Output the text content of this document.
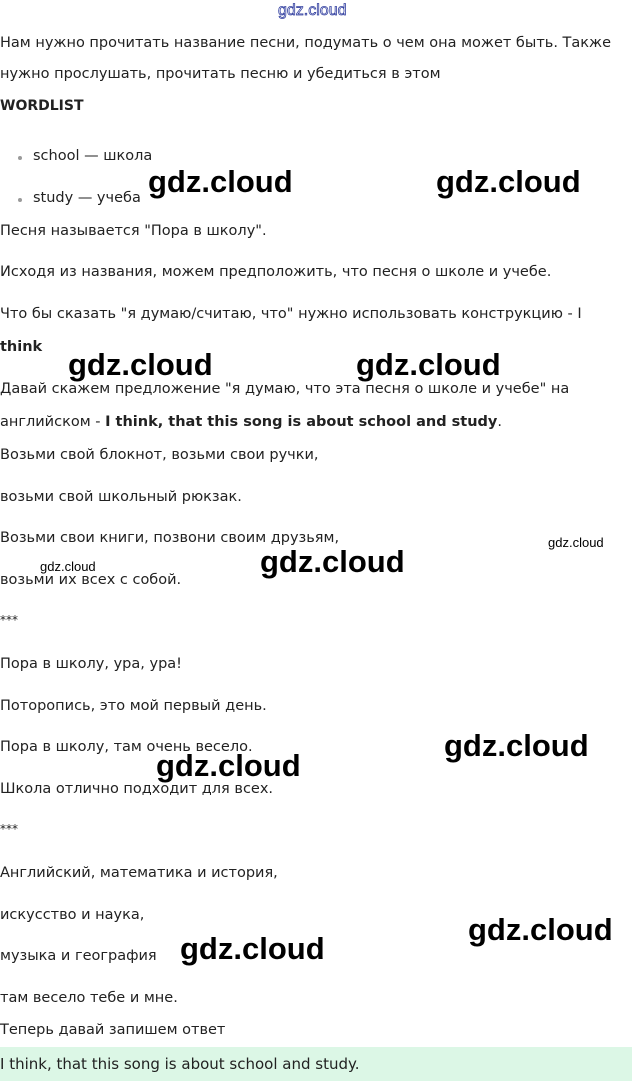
gdz.cloud
Нам нужно прочитать название песни, подумать о чем она может быть. Также
нужно прослушать, прочитать песню и убедиться в этом
WORDLIST
school — школа
study — учеба
Песня называется "Пора в школу".
Исходя из названия, можем предположить, что песня о школе и учебе.
Что бы сказать "я думаю/считаю, что" нужно использовать конструкцию - I
think
Давай скажем предложение "я думаю, что эта песня о школе и учебе" на
английском - I think, that this song is about school and study.
Возьми свой блокнот, возьми свои ручки,
возьми свой школьный рюкзак.
Возьми свои книги, позвони своим друзьям,
возьми их всех с собой.
***
Пора в школу, ура, ура!
Поторопись, это мой первый день.
Пора в школу, там очень весело.
Школа отлично подходит для всех.
***
Английский, математика и история,
искусство и наука,
музыка и география
там весело тебе и мне.
Теперь давай запишем ответ
I think, that this song is about school and study.
gdz.cloud	gdz.cloud
gdz.cloud	gdz.cloud
gdz.cloud
gdz.cloud
gdz.cloud
gdz.cloud
gdz.cloud
gdz.cloud
gdz.cloud
